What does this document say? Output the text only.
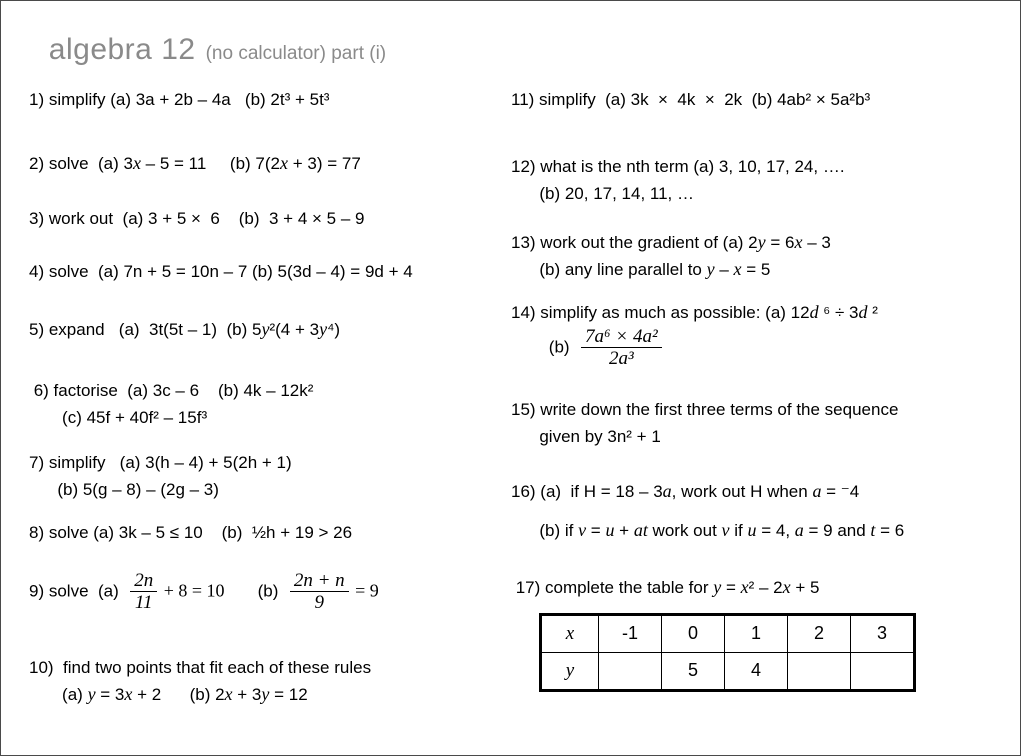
algebra 12 (no calculator) part (i)

1) simplify (a) 3a + 2b – 4a   (b) 2t³ + 5t³
2) solve  (a) 3x – 5 = 11     (b) 7(2x + 3) = 77
3) work out  (a) 3 + 5 ×  6    (b)  3 + 4 × 5 – 9
4) solve  (a) 7n + 5 = 10n – 7 (b) 5(3d – 4) = 9d + 4
5) expand   (a)  3t(5t – 1)  (b) 5y²(4 + 3y⁴)
6) factorise  (a) 3c – 6    (b) 4k – 12k²
(c) 45f + 40f² – 15f³
7) simplify   (a) 3(h – 4) + 5(2h + 1)
(b) 5(g – 8) – (2g – 3)
8) solve (a) 3k – 5 ≤ 10    (b)  ½h + 19 > 26
9) solve  $(a) \frac{2n}{11} + 8 = 10$       $(b) \frac{2n + n}{9} = 9$
10)  find two points that fit each of these rules
(a) y = 3x + 2      (b) 2x + 3y = 12
11) simplify  (a) 3k  ×  4k  ×  2k  (b) 4ab² × 5a²b³
12) what is the nth term (a) 3, 10, 17, 24, ….
(b) 20, 17, 14, 11, …
13) work out the gradient of (a) 2y = 6x – 3
(b) any line parallel to y – x = 5
14) simplify as much as possible: (a) 12d ⁶ ÷ 3d ²
$(b) \frac{\text{7a⁶ × 4a²}}{\text{2a³}}$
15) write down the first three terms of the sequence
given by 3n² + 1
16) (a)  if H = 18 – 3a, work out H when a = ⁻4
(b) if v = u + at work out v if u = 4, a = 9 and t = 6
17) complete the table for y = x² – 2x + 5
x	-1	0	1	2	3
y		5	4		
